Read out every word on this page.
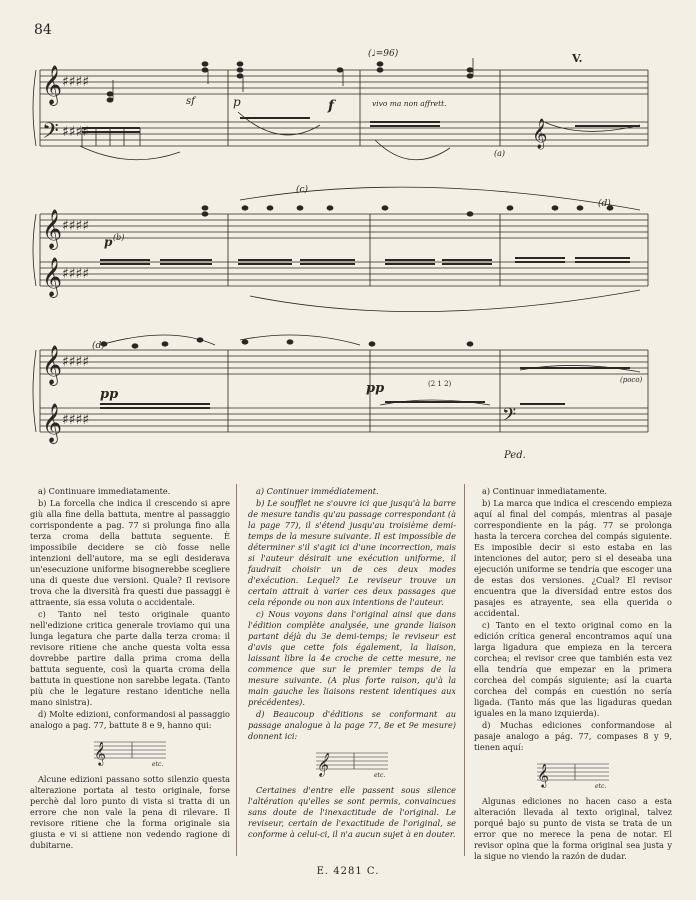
84
𝄞
𝄢
♯♯♯♯
♯♯♯♯
𝄞
𝄞
♯♯♯♯
♯♯♯♯
𝄞
𝄞
♯♯♯♯
♯♯♯♯
𝄞
𝄢
(♩=96)	V.
vivo ma non affrett.
p	f
sf
p (b)
(c)
(d)
(d)
pp	pp
(a)
(poco)
Ped.
(2 1 2)

a) Continuare immediatamente.

b) La forcella che indica il crescendo si apre giù alla fine della battuta, mentre al passaggio corrispondente a pag. 77 si prolunga fino alla terza croma della battuta seguente. È impossibile decidere se ciò fosse nelle intenzioni dell'autore, ma se egli desiderava un'esecuzione uniforme bisognerebbe scegliere una di queste due versioni. Quale? Il revisore trova che la diversità fra questi due passaggi è attraente, sia essa voluta o accidentale.

c) Tanto nel testo originale quanto nell'edizione critica generale troviamo qui una lunga legatura che parte dalla terza croma: il revisore ritiene che anche questa volta essa dovrebbe partire dalla prima croma della battuta seguente, così la quarta croma della battuta in questione non sarebbe legata. (Tanto più che le legature restano identiche nella mano sinistra).

d) Molte edizioni, conformandosi al passaggio analogo a pag. 77, battute 8 e 9, hanno qui:

𝄞	etc.

Alcune edizioni passano sotto silenzio questa alterazione portata al testo originale, forse perchè dal loro punto di vista si tratta di un errore che non vale la pena di rilevare. Il revisore ritiene che la forma originale sia giusta e vi si attiene non vedendo ragione di dubitarne.

a) Continuer immédiatement.

b) Le soufflet ne s'ouvre ici que jusqu'à la barre de mesure tandis qu'au passage correspondant (à la page 77), il s'étend jusqu'au troisième demi-temps de la mesure suivante. Il est impossible de déterminer s'il s'agit ici d'une incorrection, mais si l'auteur désirait une exécution uniforme, il faudrait choisir un de ces deux modes d'exécution. Lequel? Le reviseur trouve un certain attrait à varier ces deux passages que cela réponde ou non aux intentions de l'auteur.

c) Nous voyons dans l'original ainsi que dans l'édition complète analysée, une grande liaison partant déjà du 3e demi-temps; le reviseur est d'avis que cette fois également, la liaison, laissant libre la 4e croche de cette mesure, ne commence que sur le premier temps de la mesure suivante. (A plus forte raison, qu'à la main gauche les liaisons restent identiques aux précédentes).

d) Beaucoup d'éditions se conformant au passage analogue à la page 77, 8e et 9e mesure) donnent ici:

𝄞	etc.

Certaines d'entre elle passent sous silence l'altération qu'elles se sont permis, convaincues sans doute de l'inexactitude de l'original. Le reviseur, certain de l'exactitude de l'original, se conforme à celui-ci, il n'a aucun sujet à en douter.

a) Continuar inmediatamente.

b) La marca que indica el crescendo empieza aquí al final del compás, mientras al pasaje correspondiente en la pág. 77 se prolonga hasta la tercera corchea del compás siguiente. Es imposible decir si esto estaba en las intenciones del autor, pero si el deseaba una ejecución uniforme se tendría que escoger una de estas dos versiones. ¿Cual? El revisor encuentra que la diversidad entre estos dos pasajes es atrayente, sea ella querida o accidental.

c) Tanto en el texto original como en la edición crítica general encontramos aquí una larga ligadura que empieza en la tercera corchea; el revisor cree que también esta vez ella tendría que empezar en la primera corchea del compás siguiente; así la cuarta corchea del compás en cuestión no sería ligada. (Tanto más que las ligaduras quedan iguales en la mano izquierda).

d) Muchas ediciones conformandose al pasaje analogo a pág. 77, compases 8 y 9, tienen aquí:

𝄞	etc.

Algunas ediciones no hacen caso a esta alteración llevada al texto original, talvez porqué bajo su punto de vista se trata de un error que no merece la pena de notar. El revisor opina que la forma original sea justa y la sigue no viendo la razón de dudar.

E. 4281 C.
